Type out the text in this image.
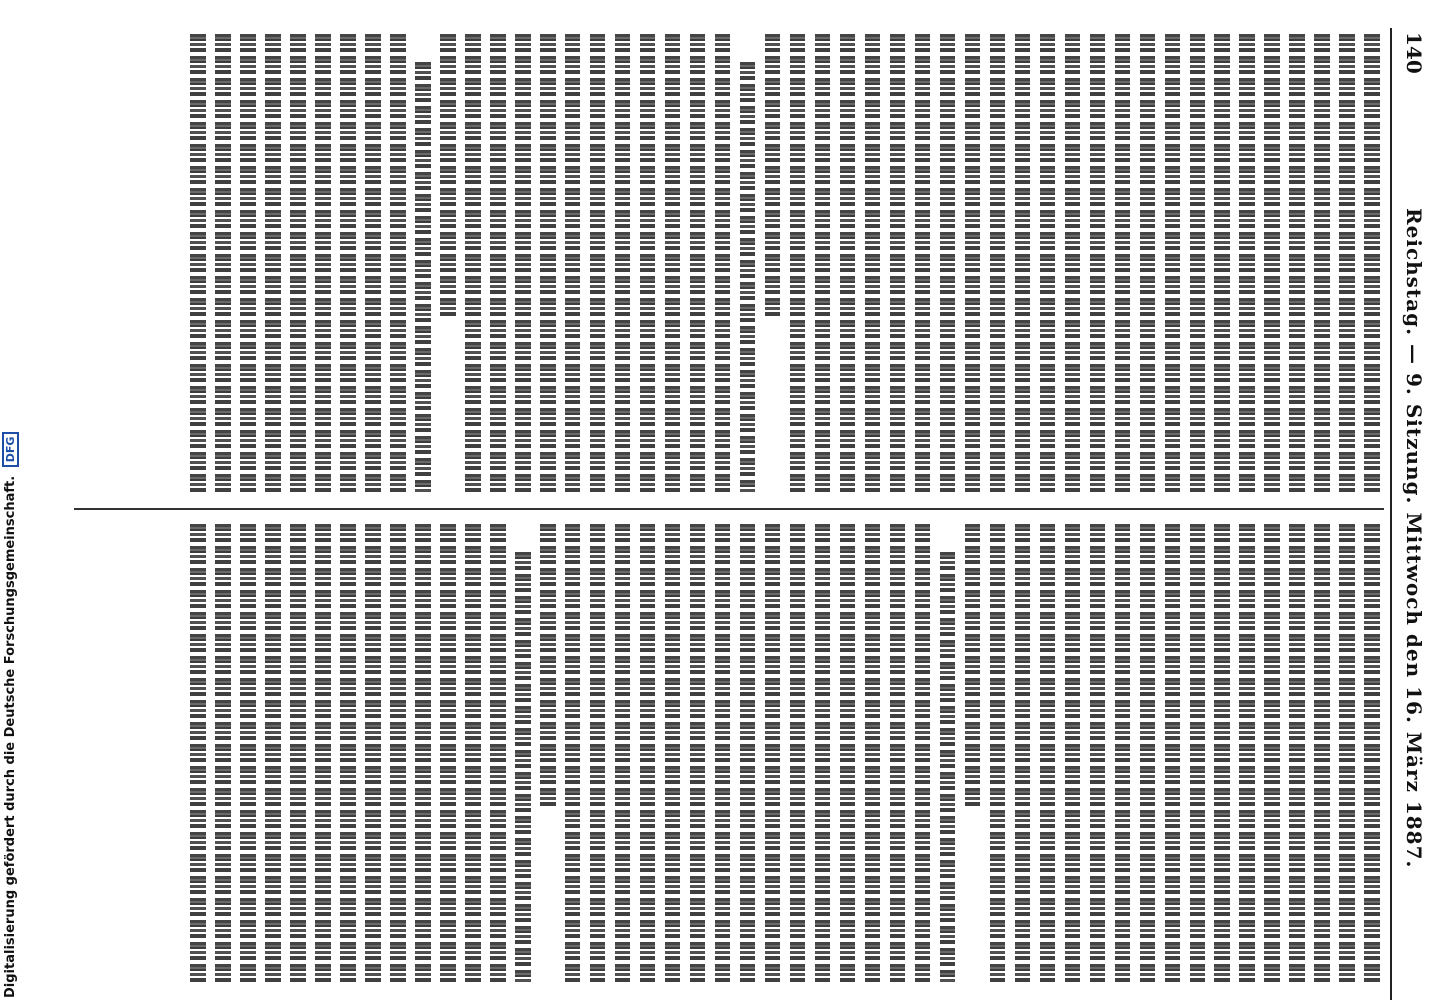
Digitalisierung gefördert durch die Deutsche Forschungsgemeinschaft. DFG
140
Reichstag. — 9. Sitzung. Mittwoch den 16. März 1887.
